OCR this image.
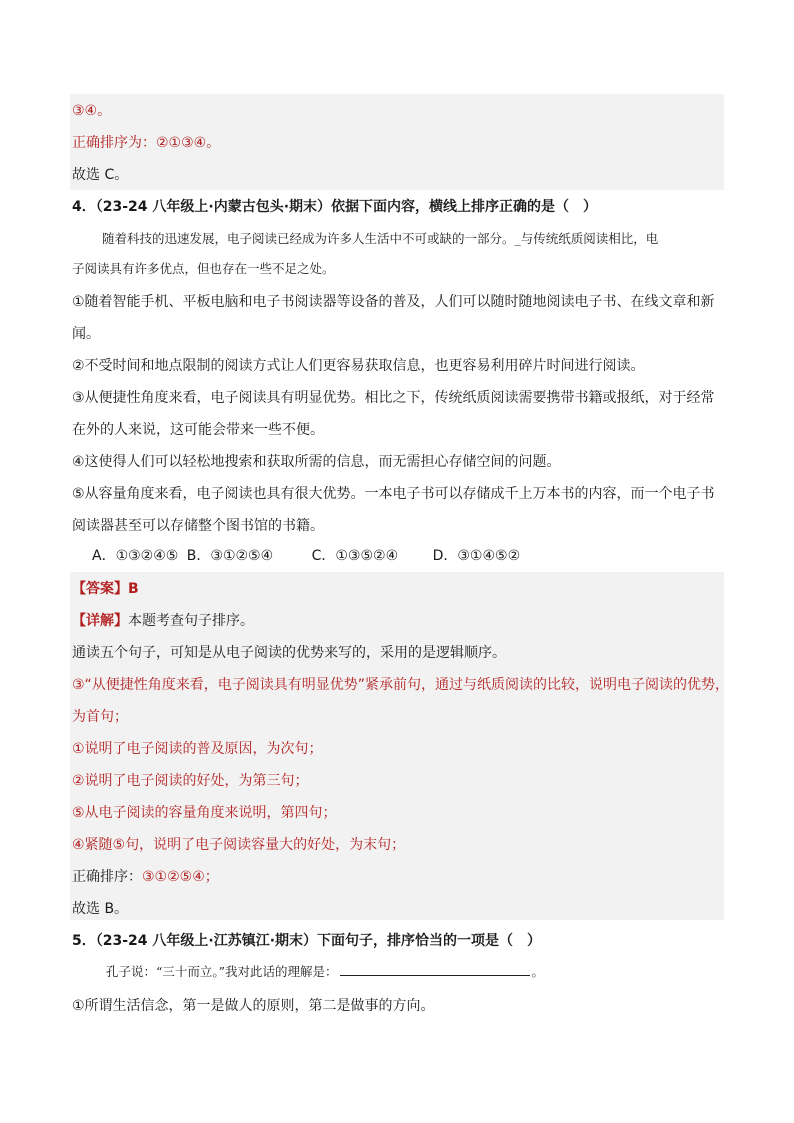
③④。
正确排序为：②①③④。
故选 C。
4．（23-24 八年级上·内蒙古包头·期末）依据下面内容，横线上排序正确的是（　）
随着科技的迅速发展，电子阅读已经成为许多人生活中不可或缺的一部分。_与传统纸质阅读相比，电
子阅读具有许多优点，但也存在一些不足之处。
①随着智能手机、平板电脑和电子书阅读器等设备的普及，人们可以随时随地阅读电子书、在线文章和新
闻。
②不受时间和地点限制的阅读方式让人们更容易获取信息，也更容易利用碎片时间进行阅读。
③从便捷性角度来看，电子阅读具有明显优势。相比之下，传统纸质阅读需要携带书籍或报纸，对于经常
在外的人来说，这可能会带来一些不便。
④这使得人们可以轻松地搜索和获取所需的信息，而无需担心存储空间的问题。
⑤从容量角度来看，电子阅读也具有很大优势。一本电子书可以存储成千上万本书的内容，而一个电子书
阅读器甚至可以存储整个图书馆的书籍。
A．①③②④⑤ B．③①②⑤④	C．①③⑤②④ D．③①④⑤②
【答案】B
【详解】本题考查句子排序。
通读五个句子，可知是从电子阅读的优势来写的，采用的是逻辑顺序。
③“从便捷性角度来看，电子阅读具有明显优势”紧承前句，通过与纸质阅读的比较，说明电子阅读的优势，
为首句；
①说明了电子阅读的普及原因，为次句；
②说明了电子阅读的好处，为第三句；
⑤从电子阅读的容量角度来说明，第四句；
④紧随⑤句，说明了电子阅读容量大的好处，为末句；
正确排序：③①②⑤④；
故选 B。
5．（23-24 八年级上·江苏镇江·期末）下面句子，排序恰当的一项是（　）
孔子说：“三十而立。”我对此话的理解是：	。
①所谓生活信念，第一是做人的原则，第二是做事的方向。
